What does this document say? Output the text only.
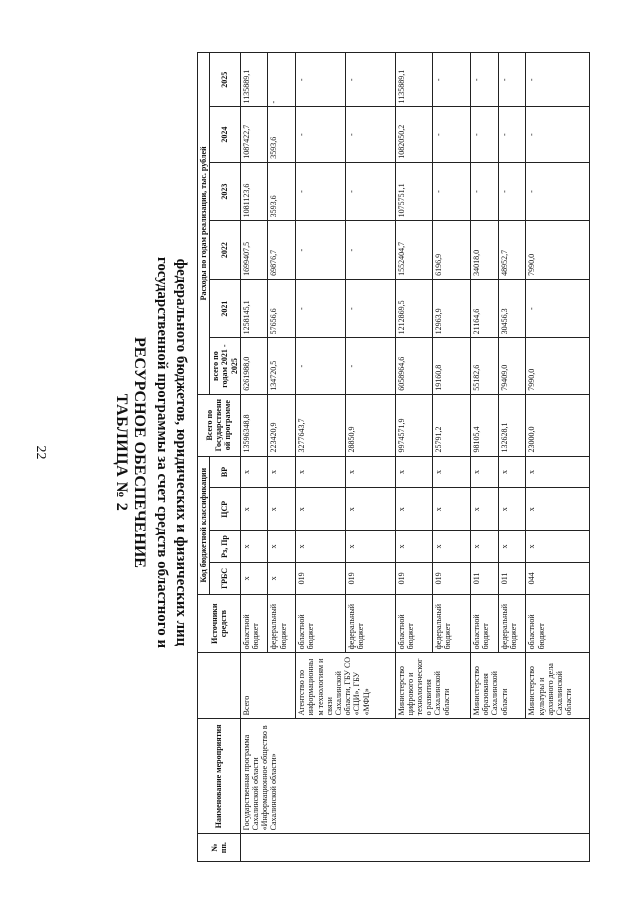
22	ТАБЛИЦА № 2 РЕСУРСНОЕ ОБЕСПЕЧЕНИЕ государственной программы за счет средств областного и федерального бюджетов, юридических и физических лиц
№ пп.	Наименование мероприятия		Источники средств	Код бюджетной классификации				Всего по Государственной программе	Расходы по годам реализации, тыс. рублей					
				ГРБС	Рз, Пр	ЦСР	ВР		всего по годам 2021 - 2025	2021	2022	2023	2024	2025
	Государственная программа Сахалинской области «Информационное общество в Сахалинской области»	Всего	областной бюджет	x	x	x	x	13596348,8	6261988,0	1258145,1	1699407,5	1081123,6	1087422,7	1135889,1
			федеральный бюджет	x	x	x	x	223420,9	134720,5	57656,6	69876,7	3593,6	3593,6	-
		Агентство по информационным технологиям и связи Сахалинской области, ГБУ СО «СЦИ», ГБУ «МФЦ»	областной бюджет	019	x	x	x	3277643,7	-	-	-	-	-	-
			федеральный бюджет	019	x	x	x	28850,9	-	-	-	-	-	-
		Министерство цифрового и технологического развития Сахалинской области	областной бюджет	019	x	x	x	9974571,9	6058964,6	1212869,5	1552404,7	1075751,1	1082050,2	1135889,1
			федеральный бюджет	019	x	x	x	25791,2	19160,8	12963,9	6196,9	-	-	-
		Министерство образования Сахалинской области	областной бюджет	011	x	x	x	98105,4	55182,6	21164,6	34018,0	-	-	-
			федеральный бюджет	011	x	x	x	132628,1	79409,0	30456,3	48952,7	-	-	-
		Министерство культуры и архивного дела Сахалинской области	областной бюджет	044	x	x	x	23000,0	7990,0	-	7990,0	-	-	-
